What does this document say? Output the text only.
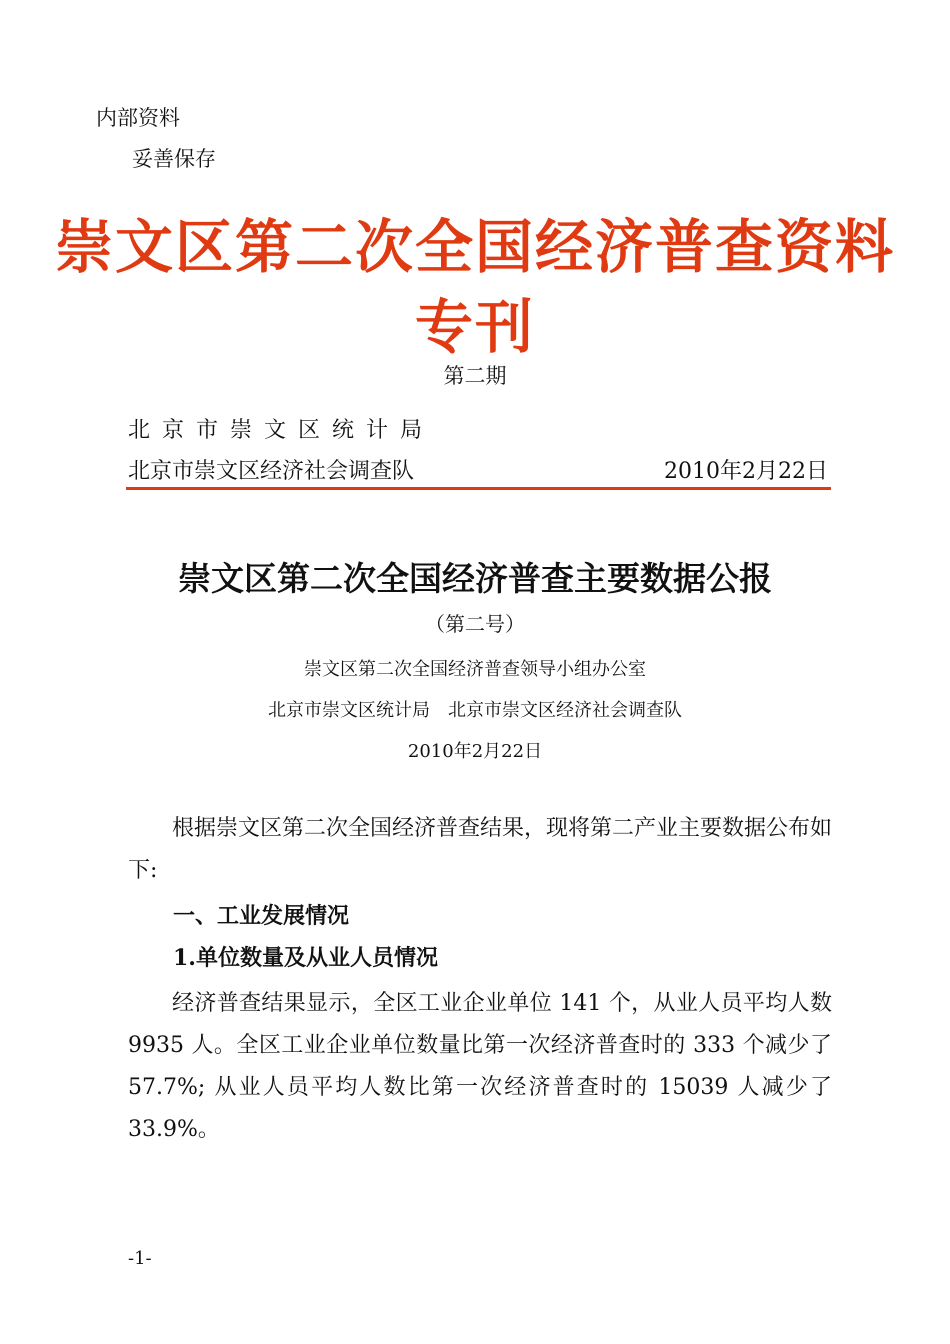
内部资料
妥善保存
崇文区第二次全国经济普查资料
专刊
第二期
北京市崇文区统计局
北京市崇文区经济社会调查队	2010年2月22日
崇文区第二次全国经济普查主要数据公报
（第二号）
崇文区第二次全国经济普查领导小组办公室
北京市崇文区统计局　北京市崇文区经济社会调查队
2010年2月22日
根据崇文区第二次全国经济普查结果，现将第二产业主要数据公布如下:
一、工业发展情况
1.单位数量及从业人员情况
经济普查结果显示，全区工业企业单位 141 个，从业人员平均人数 9935 人。全区工业企业单位数量比第一次经济普查时的 333 个减少了 57.7%; 从业人员平均人数比第一次经济普查时的 15039 人减少了 33.9%。
-1-
